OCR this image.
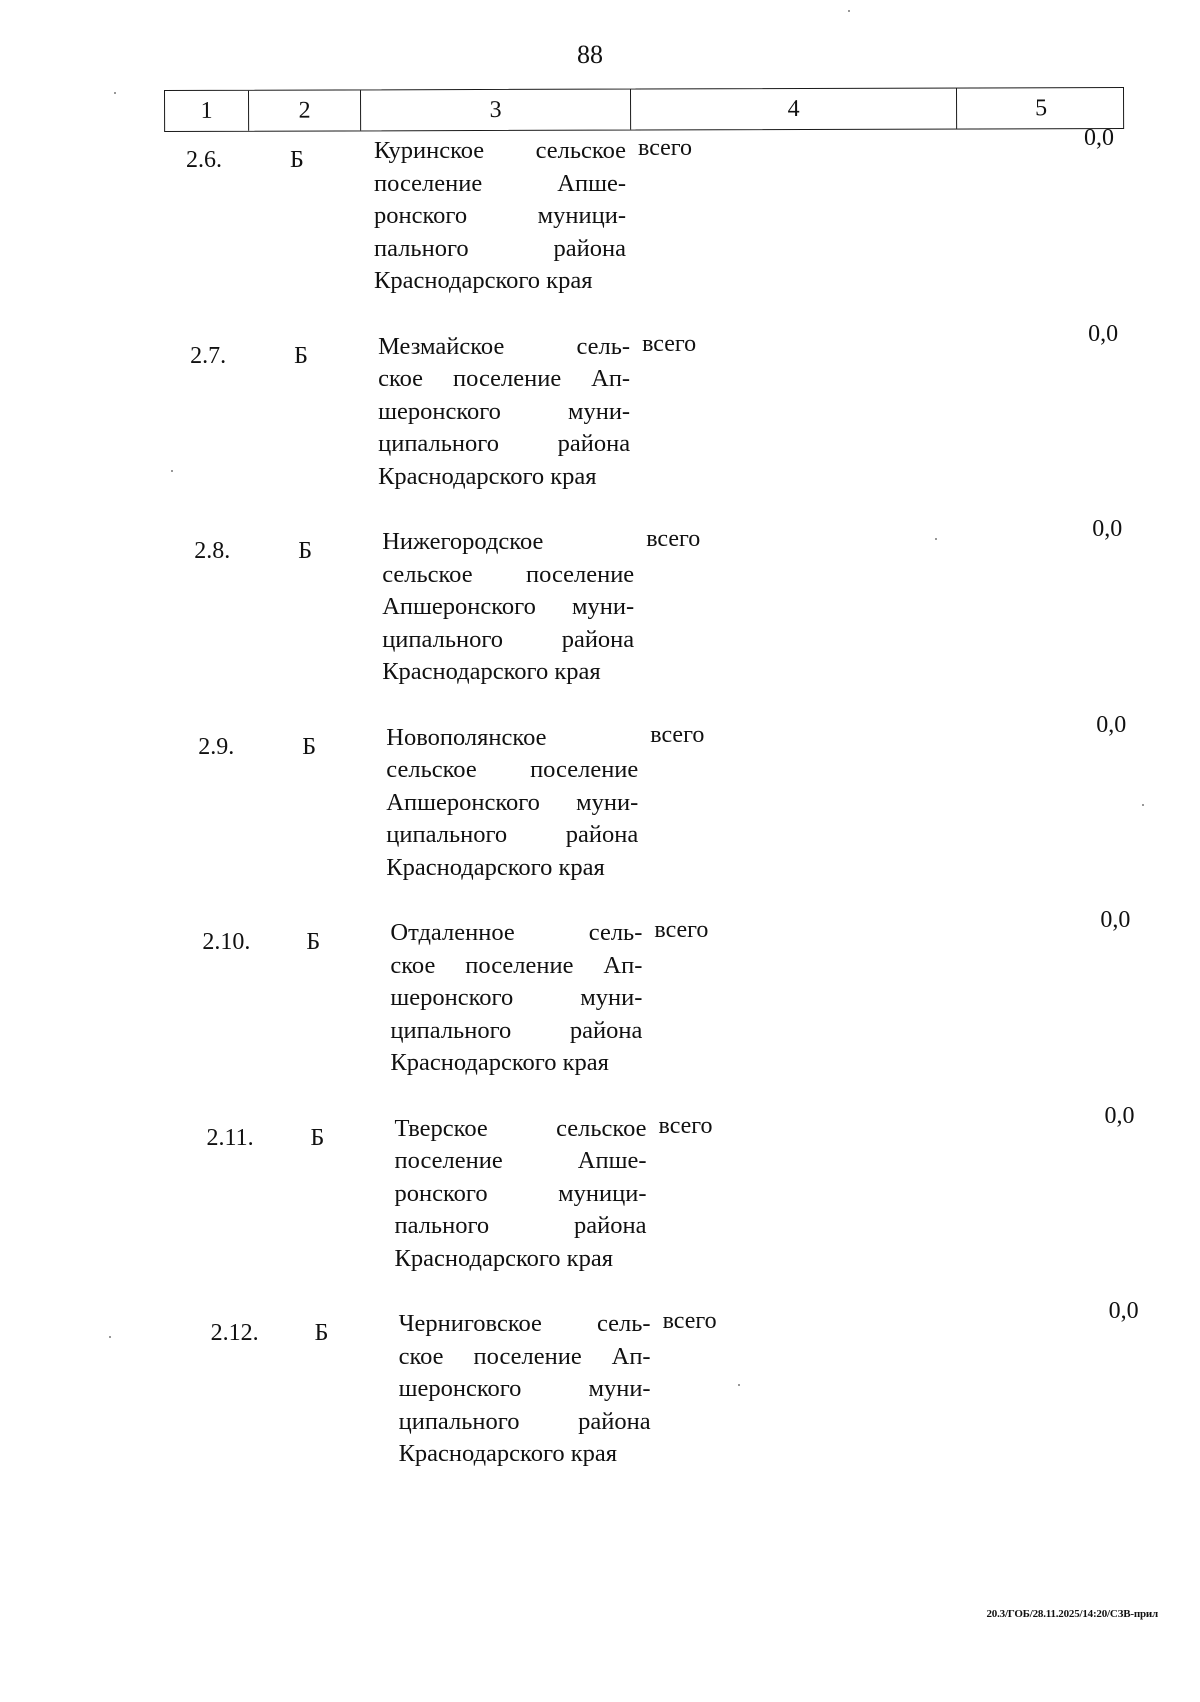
88
1	2	3	4	5
2.6.	Б	Куринское сельское
поселение Апше-
ронского муници-
пального района
Краснодарского края
всего	0,0
2.7.	Б	Мезмайское сель-
ское поселение Ап-
шеронского муни-
ципального района
Краснодарского края
всего	0,0
2.8.	Б	Нижегородское
сельское поселение
Апшеронского муни-
ципального района
Краснодарского края
всего	0,0
2.9.	Б	Новополянское
сельское поселение
Апшеронского муни-
ципального района
Краснодарского края
всего	0,0
2.10. Б	Отдаленное сель-
ское поселение Ап-
шеронского муни-
ципального района
Краснодарского края
всего	0,0
2.11. Б	Тверское сельское
поселение Апше-
ронского муници-
пального района
Краснодарского края
всего	0,0
2.12. Б	Черниговское сель-
ское поселение Ап-
шеронского муни-
ципального района
Краснодарского края
всего	0,0
20.3/ГОБ/28.11.2025/14:20/СЗВ-прил
